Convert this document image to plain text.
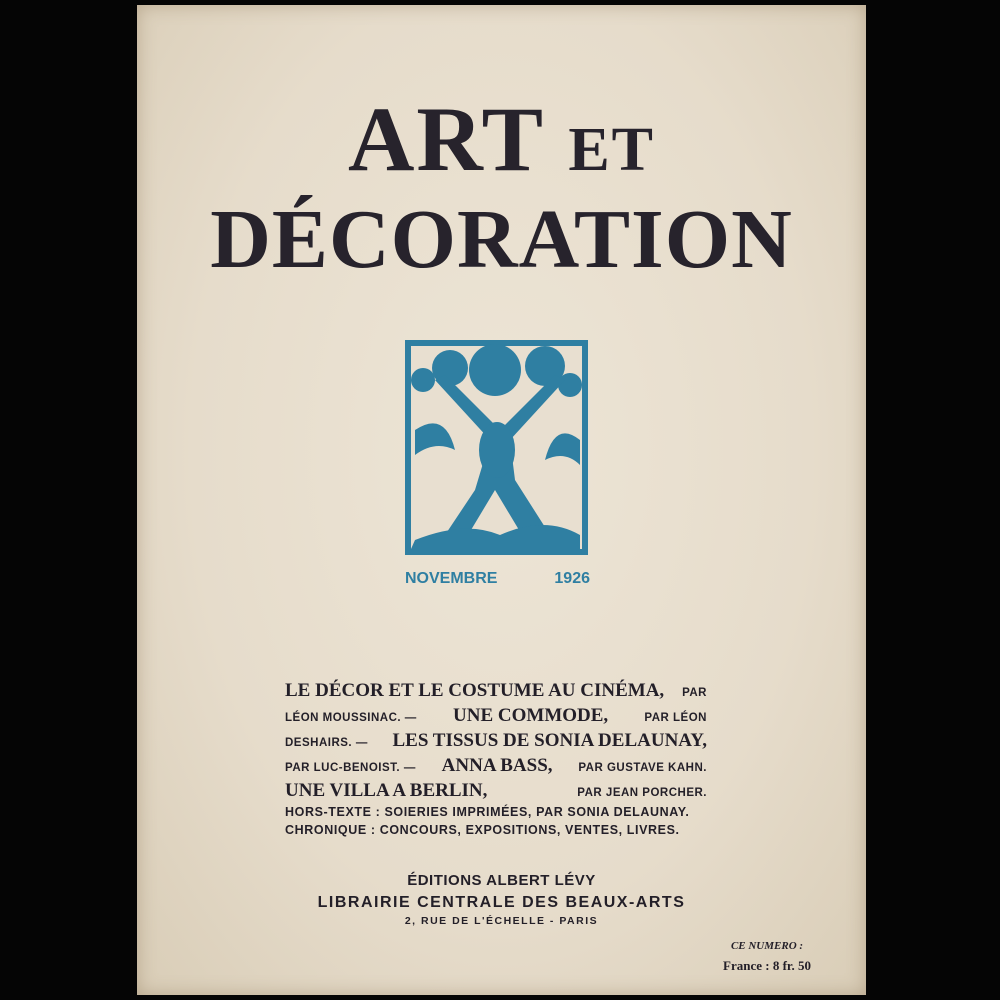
ART ET
DÉCORATION
NOVEMBRE	1926
LE DÉCOR ET LE COSTUME AU CINÉMA, PAR
LÉON MOUSSINAC. — UNE COMMODE,	PAR LÉON
DESHAIRS. — LES TISSUS DE SONIA DELAUNAY,
PAR LUC-BENOIST. — ANNA BASS, PAR GUSTAVE KAHN.
UNE VILLA A BERLIN,	PAR JEAN PORCHER.
HORS-TEXTE : SOIERIES IMPRIMÉES, PAR SONIA DELAUNAY.
CHRONIQUE : CONCOURS, EXPOSITIONS, VENTES, LIVRES.
ÉDITIONS ALBERT LÉVY
LIBRAIRIE CENTRALE DES BEAUX-ARTS
2, RUE DE L'ÉCHELLE - PARIS
CE NUMERO :
France : 8 fr. 50
